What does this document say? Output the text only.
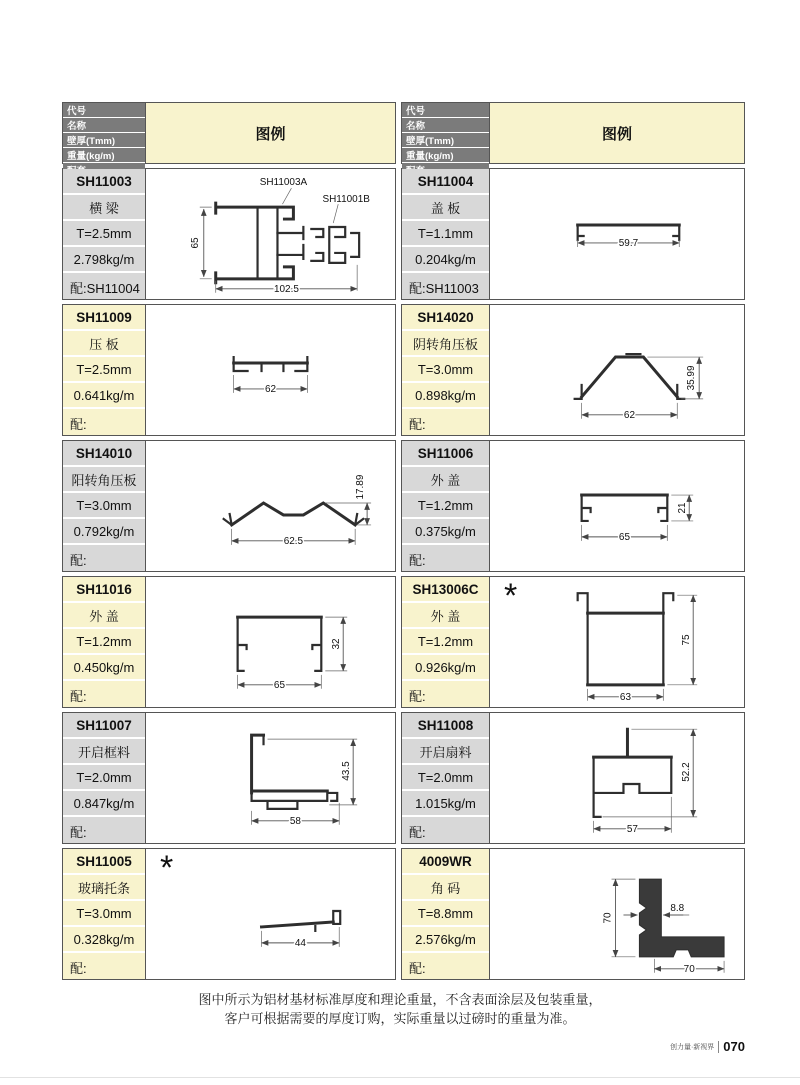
代号
名称
壁厚(Tmm)
重量(kg/m)
图例
SH11003
横 梁
T=2.5mm
2.798kg/m
配:SH11004
65
102.5
SH11003A
SH11001B
SH11009
压 板
T=2.5mm
0.641kg/m
配:
62
SH14010
阳转角压板
T=3.0mm
0.792kg/m
配:
17.89
62.5
SH11016
外 盖
T=1.2mm
0.450kg/m
配:
32
65
SH11007
开启框料
T=2.0mm
0.847kg/m
配:
43.5
58
SH11005
玻璃托条
T=3.0mm
0.328kg/m
配:
*
44
代号
名称
壁厚(Tmm)
重量(kg/m)
图例
SH11004
盖 板
T=1.1mm
0.204kg/m
配:SH11003
59.7
SH14020
阴转角压板
T=3.0mm
0.898kg/m
配:
35.99
62
SH11006
外 盖
T=1.2mm
0.375kg/m
配:
21
65
SH13006C
外 盖
T=1.2mm
0.926kg/m
配:
*
75
63
SH11008
开启扇料
T=2.0mm
1.015kg/m
配:
52.2
57
4009WR
角 码
T=8.8mm
2.576kg/m
配:
70
70
8.8
图中所示为铝材基材标准厚度和理论重量，不含表面涂层及包装重量，
客户可根据需要的厚度订购，实际重量以过磅时的重量为准。
创力量·新视界 070
